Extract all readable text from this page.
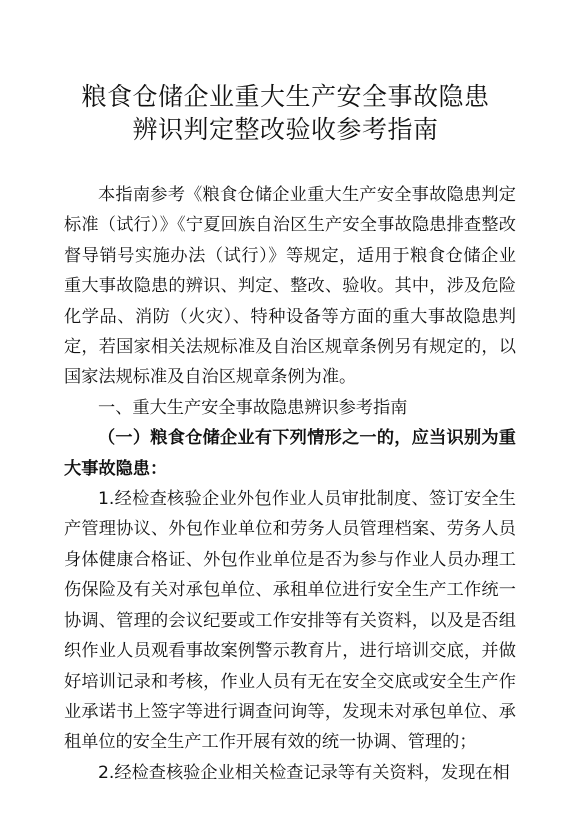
粮食仓储企业重大生产安全事故隐患
辨识判定整改验收参考指南

本指南参考《粮食仓储企业重大生产安全事故隐患判定标准（试行）》《宁夏回族自治区生产安全事故隐患排查整改督导销号实施办法（试行）》等规定，适用于粮食仓储企业重大事故隐患的辨识、判定、整改、验收。其中，涉及危险化学品、消防（火灾）、特种设备等方面的重大事故隐患判定，若国家相关法规标准及自治区规章条例另有规定的，以国家法规标准及自治区规章条例为准。

一、重大生产安全事故隐患辨识参考指南

（一）粮食仓储企业有下列情形之一的，应当识别为重大事故隐患：

1.经检查核验企业外包作业人员审批制度、签订安全生产管理协议、外包作业单位和劳务人员管理档案、劳务人员身体健康合格证、外包作业单位是否为参与作业人员办理工伤保险及有关对承包单位、承租单位进行安全生产工作统一协调、管理的会议纪要或工作安排等有关资料，以及是否组织作业人员观看事故案例警示教育片，进行培训交底，并做好培训记录和考核，作业人员有无在安全交底或安全生产作业承诺书上签字等进行调查问询等，发现未对承包单位、承租单位的安全生产工作开展有效的统一协调、管理的；

2.经检查核验企业相关检查记录等有关资料，发现在相
